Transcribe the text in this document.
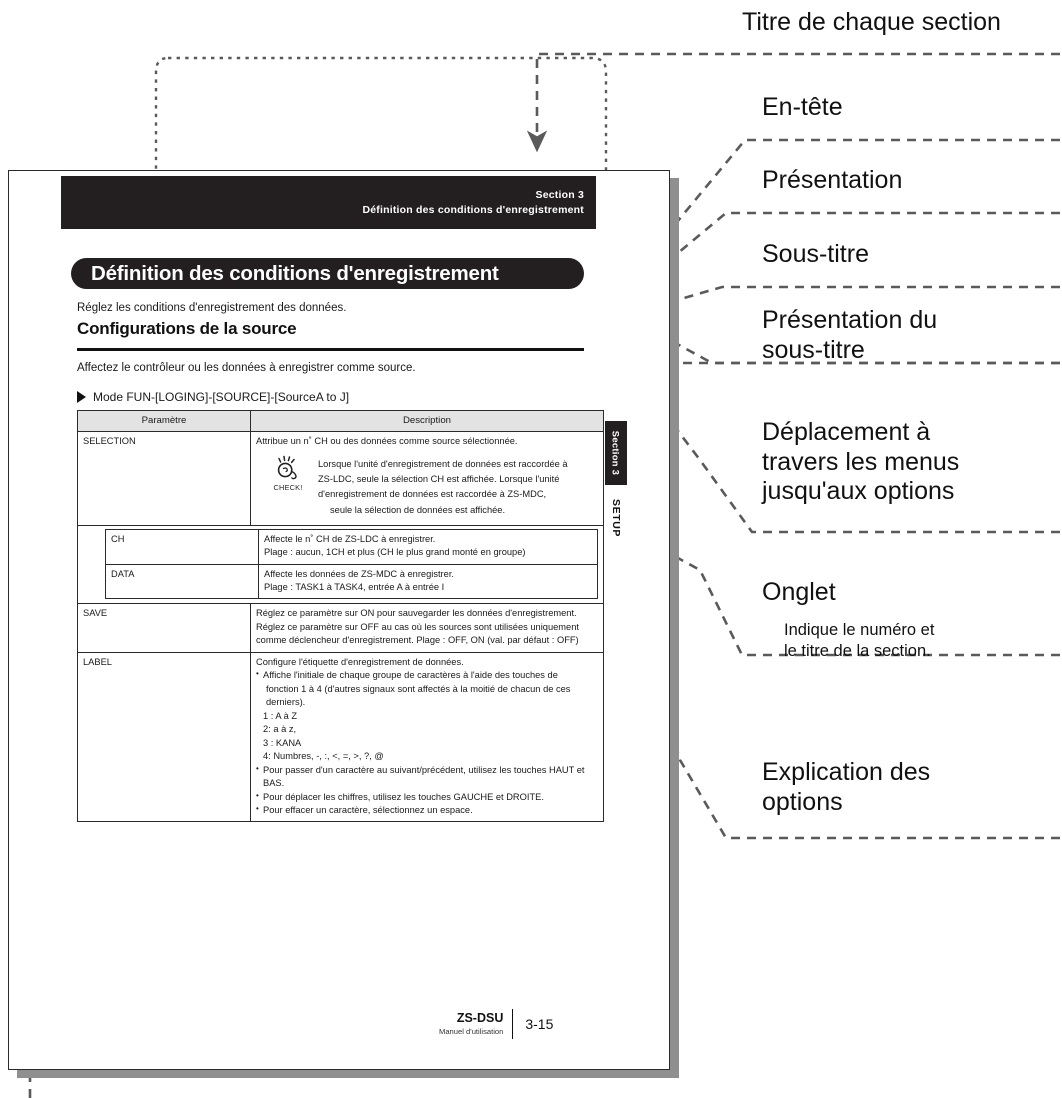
Section 3
Définition des conditions d'enregistrement
Définition des conditions d'enregistrement
Réglez les conditions d'enregistrement des données.
Configurations de la source
Affectez le contrôleur ou les données à enregistrer comme source.
Mode FUN-[LOGING]-[SOURCE]-[SourceA to J]
Paramètre	Description
SELECTION	Attribue un n˚ CH ou des données comme source sélectionnée.
CHECK!
Lorsque l'unité d'enregistrement de données est raccordée à
ZS-LDC, seule la sélection CH est affichée. Lorsque l'unité
d'enregistrement de données est raccordée à ZS-MDC,
seule la sélection de données est affichée.

CH	Affecte le n˚ CH de ZS-LDC à enregistrer.
Plage : aucun, 1CH et plus (CH le plus grand monté en groupe)

DATA	Affecte les données de ZS-MDC à enregistrer.
Plage : TASK1 à TASK4, entrée A à entrée I

SAVE	Réglez ce paramètre sur ON pour sauvegarder les données d'enregistrement.
Réglez ce paramètre sur OFF au cas où les sources sont utilisées uniquement
comme déclencheur d'enregistrement. Plage : OFF, ON (val. par défaut : OFF)

LABEL	Configure l'étiquette d'enregistrement de données.
• Affiche l'initiale de chaque groupe de caractères à l'aide des touches de
fonction 1 à 4 (d'autres signaux sont affectés à la moitié de chacun de ces derniers).
1 : A à Z
2: a à z,
3 : KANA
4: Numbres, -, :, <, =, >, ?, @
• Pour passer d'un caractère au suivant/précédent, utilisez les touches HAUT et BAS.
• Pour déplacer les chiffres, utilisez les touches GAUCHE et DROITE.
• Pour effacer un caractère, sélectionnez un espace.
Section 3
SETUP
ZS-DSU
Manuel d'utilisation	3-15
Titre de chaque section
En-tête
Présentation
Sous-titre
Présentation du
sous-titre
Déplacement à
travers les menus
jusqu'aux options
Onglet
Indique le numéro et
le titre de la section.
Explication des
options
